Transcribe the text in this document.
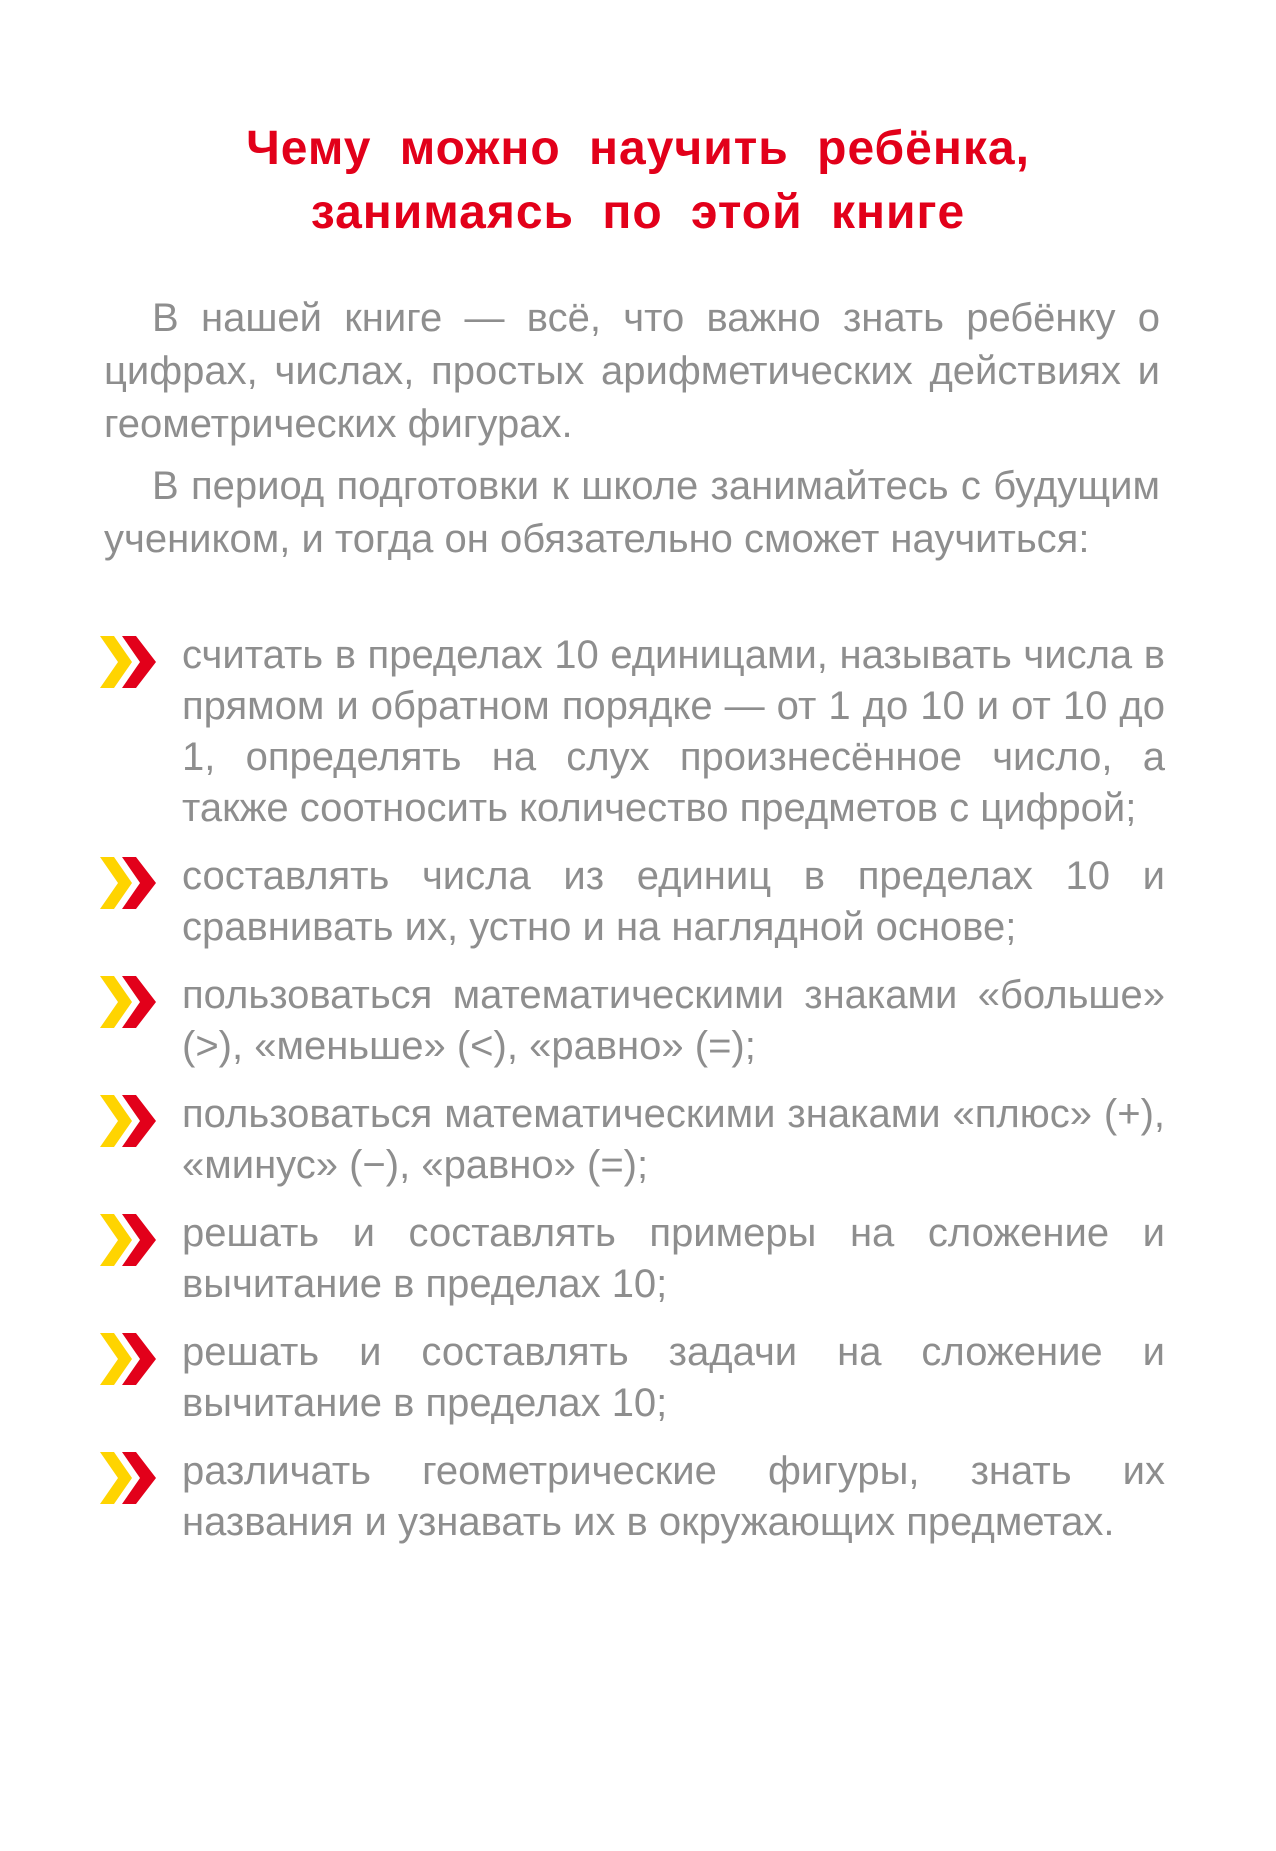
Чему можно научить ребёнка,
занимаясь по этой книге

В нашей книге — всё, что важно знать ребёнку о цифрах, числах, простых арифметических действиях и геометрических фигурах.

В период подготовки к школе занимайтесь с будущим учеником, и тогда он обязательно сможет научиться:

считать в пределах 10 единицами, называть числа в прямом и обратном порядке — от 1 до 10 и от 10 до 1, определять на слух произнесённое число, а также соотносить количество предметов с цифрой;
составлять числа из единиц в пределах 10 и сравнивать их, устно и на наглядной основе;
пользоваться математическими знаками «больше» (>), «меньше» (<), «равно» (=);
пользоваться математическими знаками «плюс» (+), «минус» (−), «равно» (=);
решать и составлять примеры на сложение и вычитание в пределах 10;
решать и составлять задачи на сложение и вычитание в пределах 10;
различать геометрические фигуры, знать их названия и узнавать их в окружающих предметах.
